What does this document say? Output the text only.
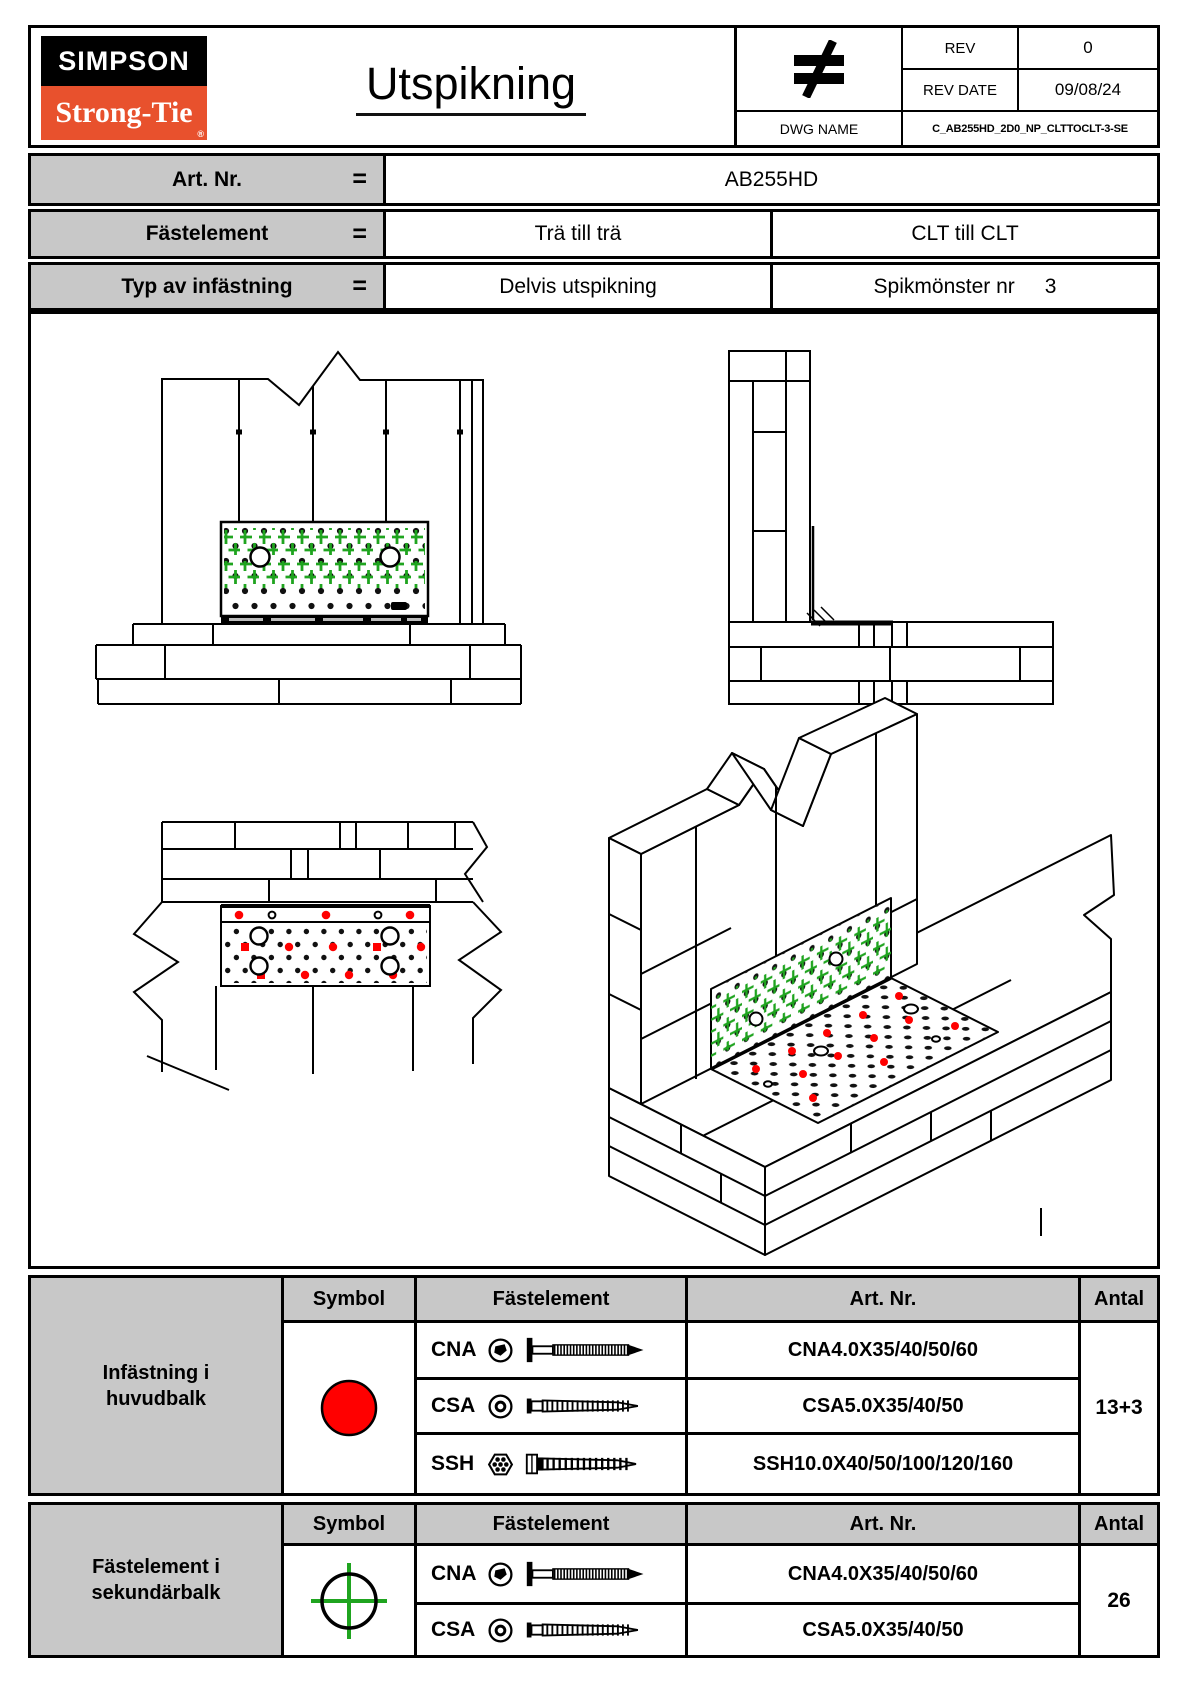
SIMPSON
Strong-Tie
®
Utspikning
REV	0
REV DATE	09/08/24
DWG NAME	C_AB255HD_2D0_NP_CLTTOCLT-3-SE
Art. Nr.	=	AB255HD
Fästelement	=	Trä till trä	CLT till CLT
Typ av infästning =	Delvis utspikning	Spikmönster nr 3
Infästning i huvudbalk
Symbol	Fästelement	Art. Nr.	Antal
CNA	CNA4.0X35/40/50/60
CSA	CSA5.0X35/40/50
SSH	SSH10.0X40/50/100/120/160
13+3
Fästelement i sekundärbalk
Symbol	Fästelement	Art. Nr.	Antal
CNA	CNA4.0X35/40/50/60
CSA	CSA5.0X35/40/50
26
